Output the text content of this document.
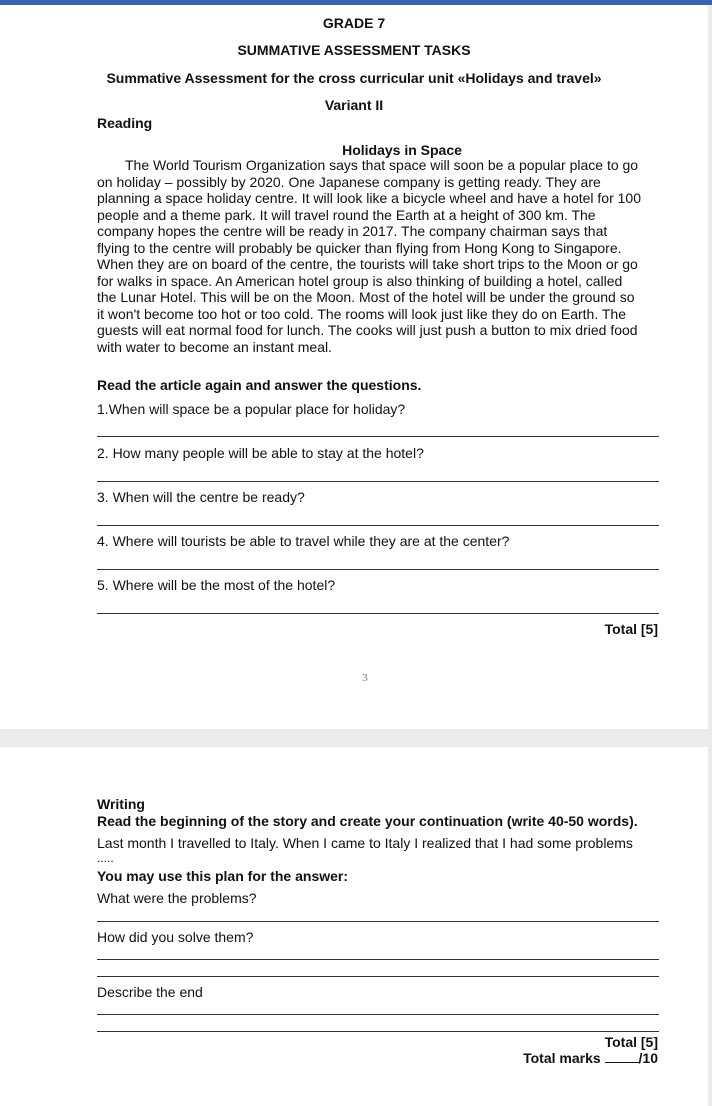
GRADE 7
SUMMATIVE ASSESSMENT TASKS
Summative Assessment for the cross curricular unit «Holidays and travel»
Variant II
Reading
Holidays in Space
The World Tourism Organization says that space will soon be a popular place to go
on holiday – possibly by 2020. One Japanese company is getting ready. They are
planning a space holiday centre. It will look like a bicycle wheel and have a hotel for 100
people and a theme park. It will travel round the Earth at a height of 300 km. The
company hopes the centre will be ready in 2017. The company chairman says that
flying to the centre will probably be quicker than flying from Hong Kong to Singapore.
When they are on board of the centre, the tourists will take short trips to the Moon or go
for walks in space. An American hotel group is also thinking of building a hotel, called
the Lunar Hotel. This will be on the Moon. Most of the hotel will be under the ground so
it won't become too hot or too cold. The rooms will look just like they do on Earth. The
guests will eat normal food for lunch. The cooks will just push a button to mix dried food
with water to become an instant meal.
Read the article again and answer the questions.
1.When will space be a popular place for holiday?
2. How many people will be able to stay at the hotel?
3. When will the centre be ready?
4. Where will tourists be able to travel while they are at the center?
5. Where will be the most of the hotel?
Total [5]
3
Writing
Read the beginning of the story and create your continuation (write 40-50 words).
Last month I travelled to Italy. When I came to Italy I realized that I had some problems
.....
You may use this plan for the answer:
What were the problems?
How did you solve them?
Describe the end
Total [5]
Total marks	/10
